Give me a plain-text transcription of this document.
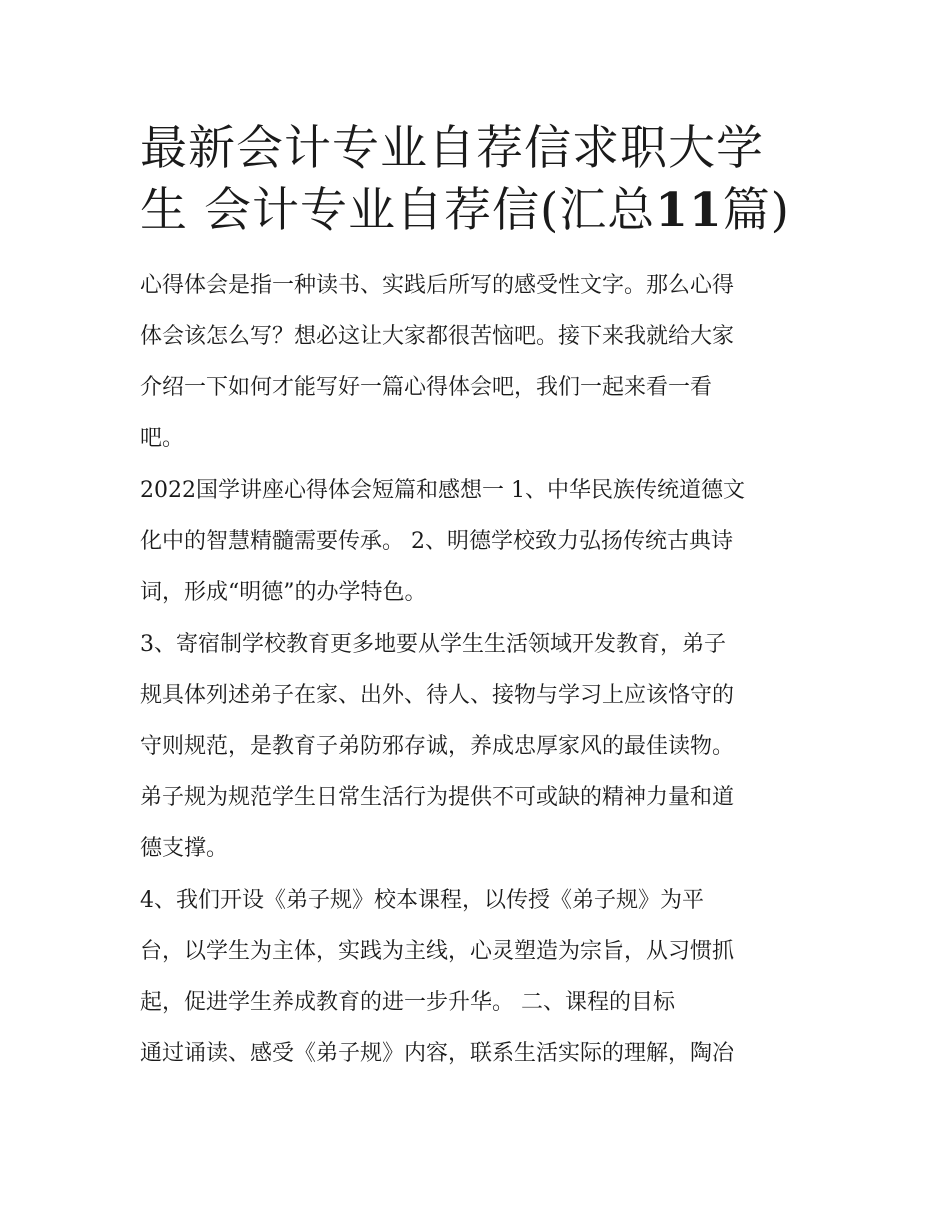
最新会计专业自荐信求职大学
生 会计专业自荐信(汇总11篇)
心得体会是指一种读书、实践后所写的感受性文字。那么心得
体会该怎么写？想必这让大家都很苦恼吧。接下来我就给大家
介绍一下如何才能写好一篇心得体会吧，我们一起来看一看
吧。
2022国学讲座心得体会短篇和感想一 1、中华民族传统道德文
化中的智慧精髓需要传承。 2、明德学校致力弘扬传统古典诗
词，形成“明德”的办学特色。
3、寄宿制学校教育更多地要从学生生活领域开发教育，弟子
规具体列述弟子在家、出外、待人、接物与学习上应该恪守的
守则规范，是教育子弟防邪存诚，养成忠厚家风的最佳读物。
弟子规为规范学生日常生活行为提供不可或缺的精神力量和道
德支撑。
4、我们开设《弟子规》校本课程，以传授《弟子规》为平
台，以学生为主体，实践为主线，心灵塑造为宗旨，从习惯抓
起，促进学生养成教育的进一步升华。 二、课程的目标
通过诵读、感受《弟子规》内容，联系生活实际的理解，陶冶
